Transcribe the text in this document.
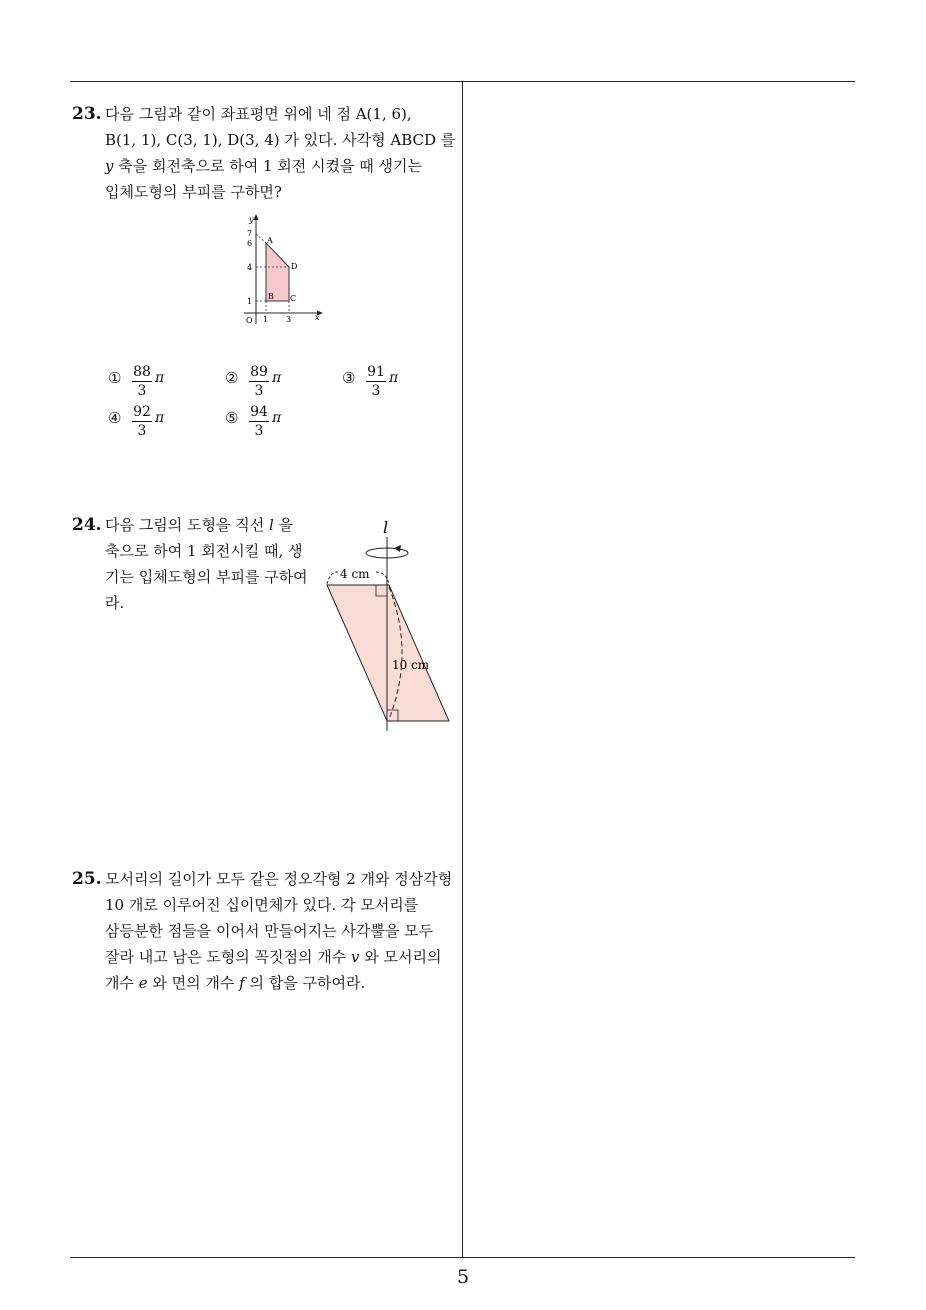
5
23. 다음 그림과 같이 좌표평면 위에 네 점 A(1, 6),
B(1, 1), C(3, 1), D(3, 4) 가 있다. 사각형 ABCD 를
y 축을 회전축으로 하여 1 회전 시켰을 때 생기는
입체도형의 부피를 구하면?
y
x
7
6
4
1
O 1 3
A
B C
D
① 88
3
π	② 89
3
π	③ 91
3
π
④ 92
3
π	⑤ 94
3
π
24. 다음 그림의 도형을 직선 l 을
축으로 하여 1 회전시킬 때, 생
기는 입체도형의 부피를 구하여
라.
l
4 cm
10 cm
25. 모서리의 길이가 모두 같은 정오각형 2 개와 정삼각형
10 개로 이루어진 십이면체가 있다. 각 모서리를
삼등분한 점들을 이어서 만들어지는 사각뿔을 모두
잘라 내고 남은 도형의 꼭짓점의 개수 v 와 모서리의
개수 e 와 면의 개수 f 의 합을 구하여라.
